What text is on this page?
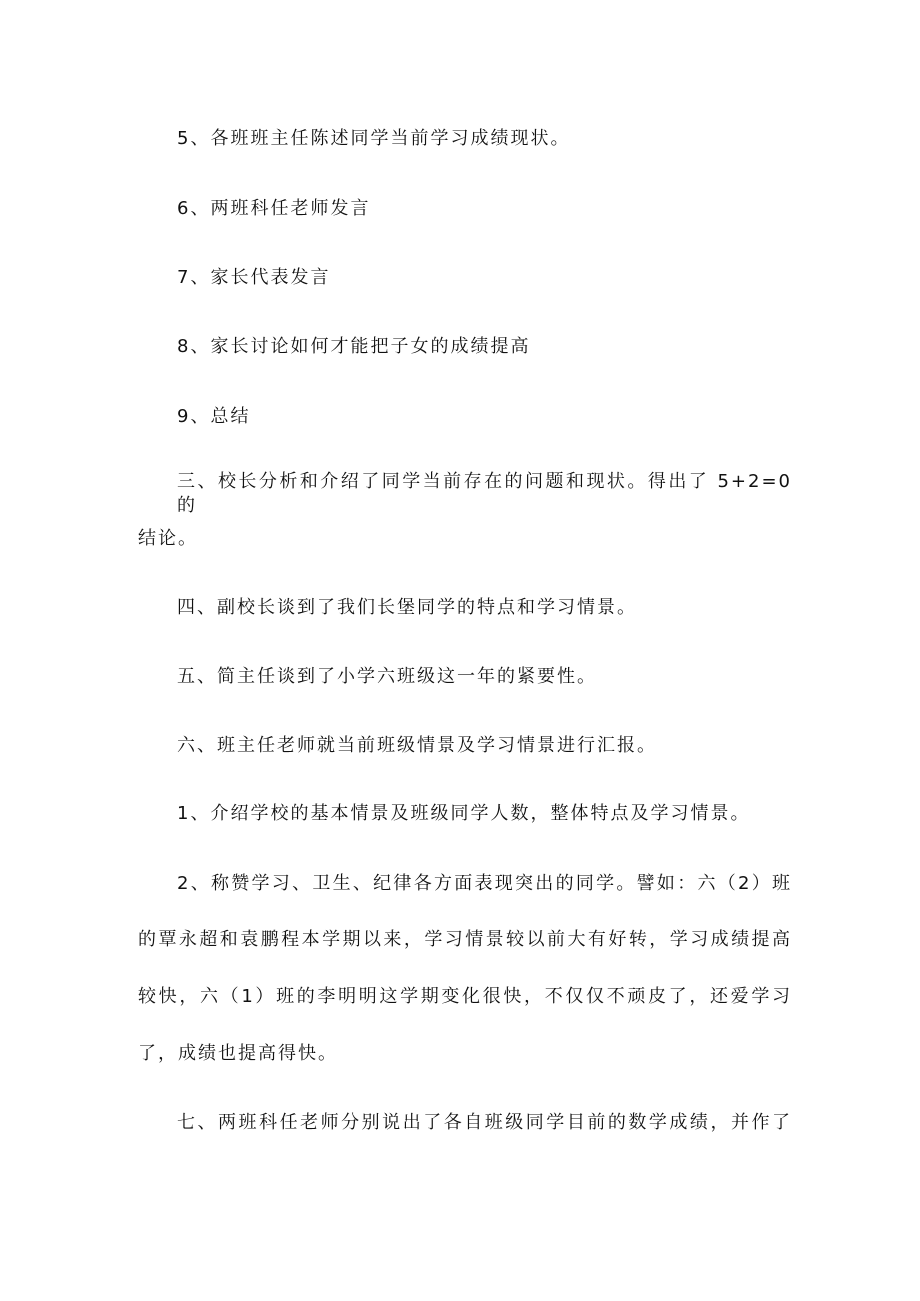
5、各班班主任陈述同学当前学习成绩现状。
6、两班科任老师发言
7、家长代表发言
8、家长讨论如何才能把子女的成绩提高
9、总结
三、校长分析和介绍了同学当前存在的问题和现状。得出了 5+2=0 的
结论。
四、副校长谈到了我们长堡同学的特点和学习情景。
五、简主任谈到了小学六班级这一年的紧要性。
六、班主任老师就当前班级情景及学习情景进行汇报。
1、介绍学校的基本情景及班级同学人数，整体特点及学习情景。
2、称赞学习、卫生、纪律各方面表现突出的同学。譬如：六（2）班
的覃永超和袁鹏程本学期以来，学习情景较以前大有好转，学习成绩提高
较快，六（1）班的李明明这学期变化很快，不仅仅不顽皮了，还爱学习
了，成绩也提高得快。
七、两班科任老师分别说出了各自班级同学目前的数学成绩，并作了
